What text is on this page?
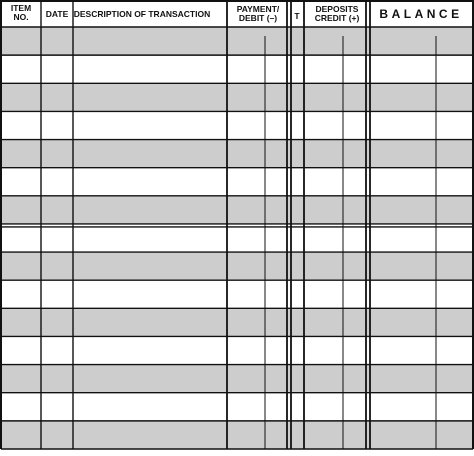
ITEM
NO. DATE DESCRIPTION OF TRANSACTION	PAYMENT/
DEBIT (–) T
DEPOSITS
CREDIT (+) BALANCE
